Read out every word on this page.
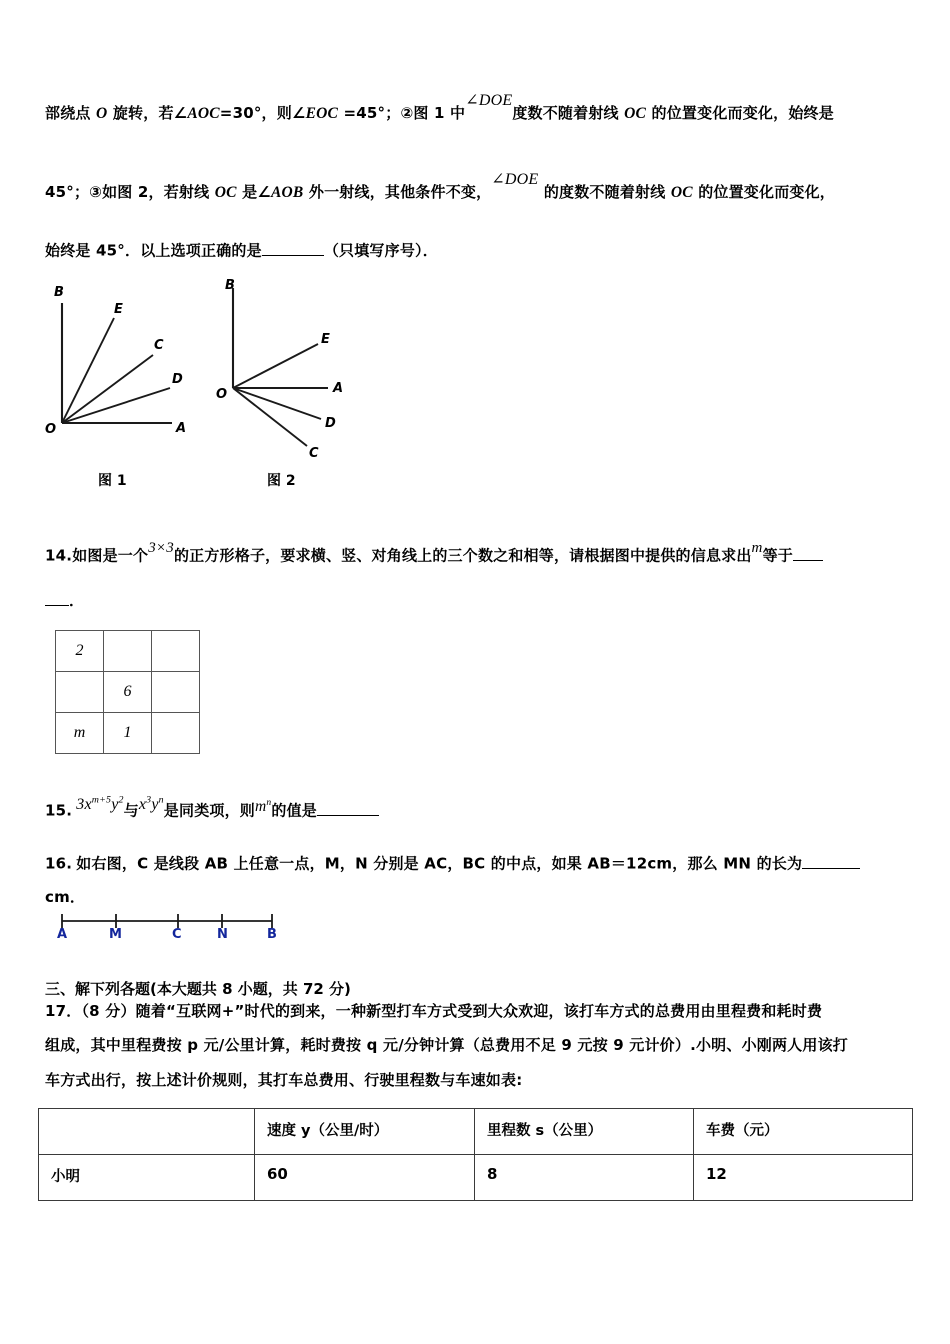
部绕点 O 旋转，若∠AOC=30°，则∠EOC =45°；②图 1 中∠DOE度数不随着射线 OC 的位置变化而变化，始终是
45°；③如图 2，若射线 OC 是∠AOB 外一射线，其他条件不变，∠DOE 的度数不随着射线 OC 的位置变化而变化，
始终是 45°．以上选项正确的是	（只填写序号）．
B
E
C
D
A
O
图 1
B
E
A
D
C
O
图 2
14.如图是一个3×3的正方形格子，要求横、竖、对角线上的三个数之和相等，请根据图中提供的信息求出m等于
．
2		
	6	
m	1	
15. $3x^{m+5}y^2$与$x^3y^n$是同类项，则$m^n$的值是
16. 如右图，C 是线段 AB 上任意一点，M，N 分别是 AC，BC 的中点，如果 AB＝12cm，那么 MN 的长为
cm．
A	M	C	N	B
三、解下列各题(本大题共 8 小题，共 72 分)
17．（8 分）随着“互联网+”时代的到来，一种新型打车方式受到大众欢迎，该打车方式的总费用由里程费和耗时费
组成，其中里程费按 p 元/公里计算，耗时费按 q 元/分钟计算（总费用不足 9 元按 9 元计价）.小明、小刚两人用该打
车方式出行，按上述计价规则，其打车总费用、行驶里程数与车速如表:
	速度 y（公里/时）	里程数 s（公里）	车费（元）
小明	60	8	12
